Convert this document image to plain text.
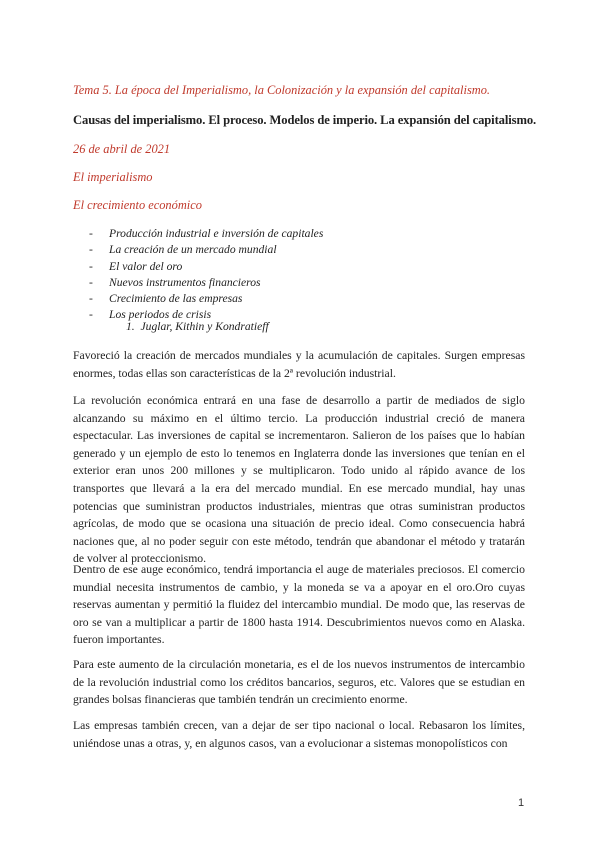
Tema 5. La época del Imperialismo, la Colonización y la expansión del capitalismo.
Causas del imperialismo. El proceso. Modelos de imperio. La expansión del capitalismo.
26 de abril de 2021
El imperialismo
El crecimiento económico
- Producción industrial e inversión de capitales
- La creación de un mercado mundial
- El valor del oro
- Nuevos instrumentos financieros
- Crecimiento de las empresas
- Los periodos de crisis
1. Juglar, Kithin y Kondratieff

Favoreció la creación de mercados mundiales y la acumulación de capitales. Surgen empresas enormes, todas ellas son características de la 2ª revolución industrial.

La revolución económica entrará en una fase de desarrollo a partir de mediados de siglo alcanzando su máximo en el último tercio. La producción industrial creció de manera espectacular. Las inversiones de capital se incrementaron. Salieron de los países que lo habían generado y un ejemplo de esto lo tenemos en Inglaterra donde las inversiones que tenían en el exterior eran unos 200 millones y se multiplicaron. Todo unido al rápido avance de los transportes que llevará a la era del mercado mundial. En ese mercado mundial, hay unas potencias que suministran productos industriales, mientras que otras suministran productos agrícolas, de modo que se ocasiona una situación de precio ideal. Como consecuencia habrá naciones que, al no poder seguir con este método, tendrán que abandonar el método y tratarán de volver al proteccionismo.

Dentro de ese auge económico, tendrá importancia el auge de materiales preciosos. El comercio mundial necesita instrumentos de cambio, y la moneda se va a apoyar en el oro.Oro cuyas reservas aumentan y permitió la fluidez del intercambio mundial. De modo que, las reservas de oro se van a multiplicar a partir de 1800 hasta 1914. Descubrimientos nuevos como en Alaska. fueron importantes.

Para este aumento de la circulación monetaria, es el de los nuevos instrumentos de intercambio de la revolución industrial como los créditos bancarios, seguros, etc. Valores que se estudian en grandes bolsas financieras que también tendrán un crecimiento enorme.

Las empresas también crecen, van a dejar de ser tipo nacional o local. Rebasaron los límites, uniéndose unas a otras, y, en algunos casos, van a evolucionar a sistemas monopolísticos con

1
